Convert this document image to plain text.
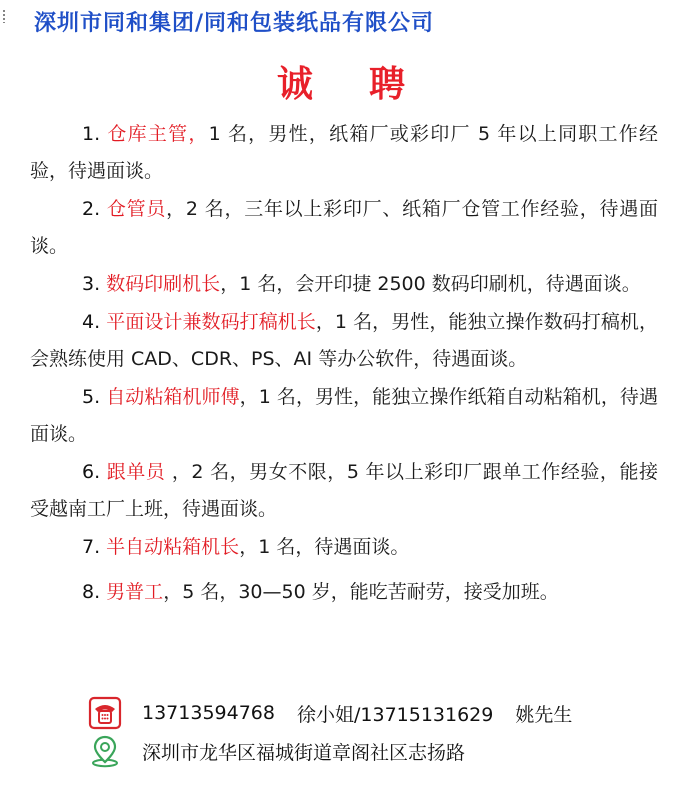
深圳市同和集团/同和包装纸品有限公司
诚 聘

1. 仓库主管，1 名，男性，纸箱厂或彩印厂 5 年以上同职工作经验，待遇面谈。

2. 仓管员，2 名，三年以上彩印厂、纸箱厂仓管工作经验，待遇面谈。

3. 数码印刷机长，1 名，会开印捷 2500 数码印刷机，待遇面谈。

4. 平面设计兼数码打稿机长，1 名，男性，能独立操作数码打稿机，会熟练使用 CAD、CDR、PS、AI 等办公软件，待遇面谈。

5. 自动粘箱机师傅，1 名，男性，能独立操作纸箱自动粘箱机，待遇面谈。

6. 跟单员 ，2 名，男女不限，5 年以上彩印厂跟单工作经验，能接受越南工厂上班，待遇面谈。

7. 半自动粘箱机长，1 名，待遇面谈。

8. 男普工，5 名，30—50 岁，能吃苦耐劳，接受加班。

13713594768 徐小姐/13715131629 姚先生
深圳市龙华区福城街道章阁社区志扬路
